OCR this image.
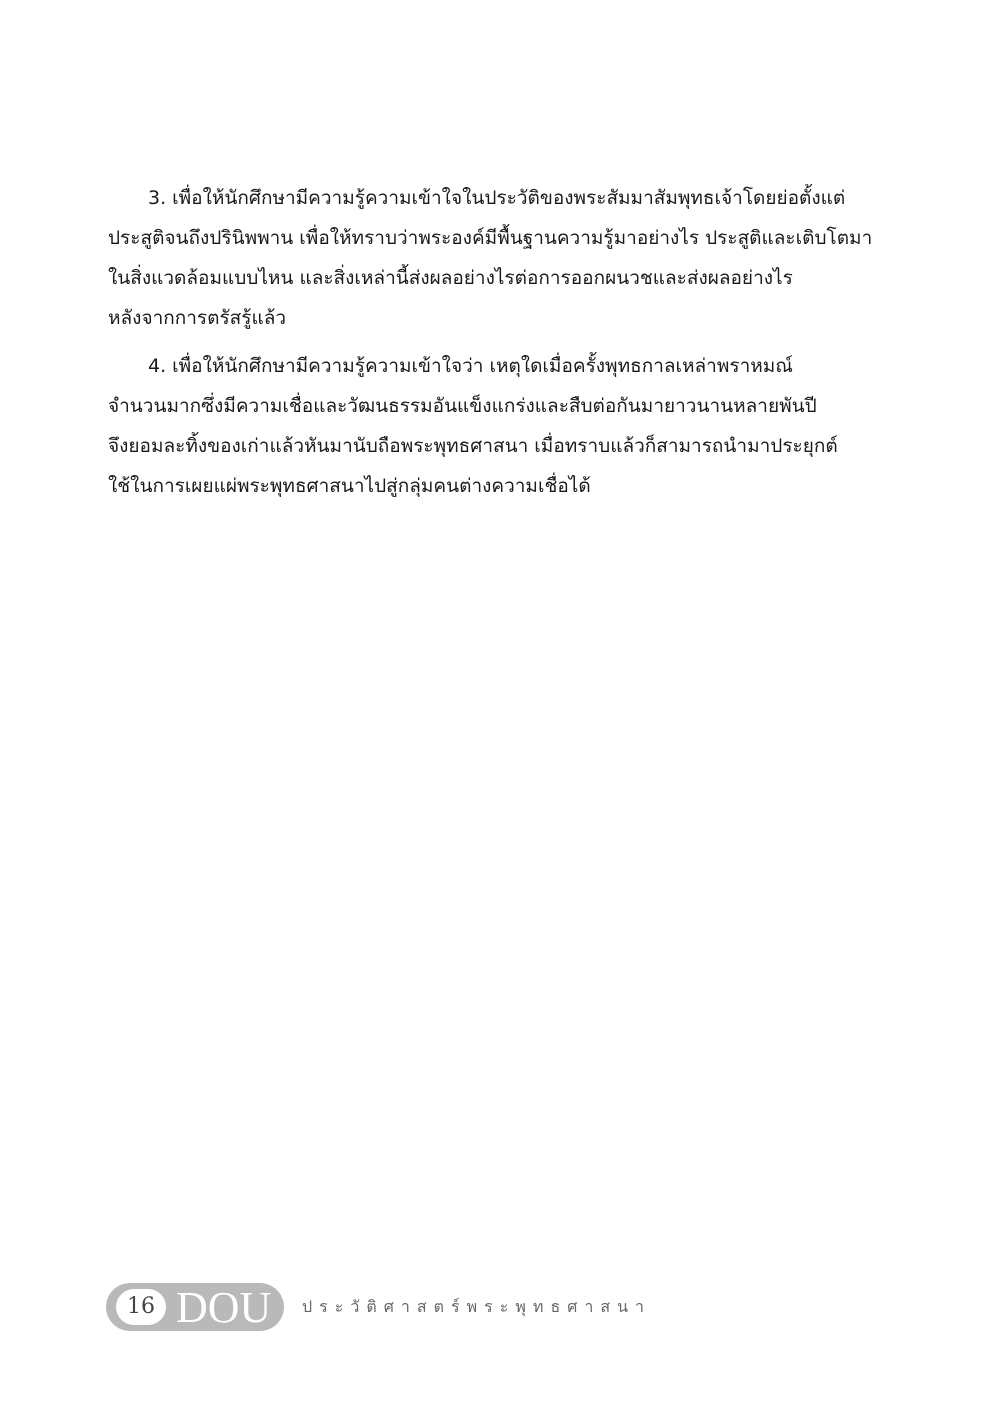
3. เพื่อให้นักศึกษามีความรู้ความเข้าใจในประวัติของพระสัมมาสัมพุทธเจ้าโดยย่อตั้งแต่
ประสูติจนถึงปรินิพพาน เพื่อให้ทราบว่าพระองค์มีพื้นฐานความรู้มาอย่างไร ประสูติและเติบโตมา
ในสิ่งแวดล้อมแบบไหน และสิ่งเหล่านี้ส่งผลอย่างไรต่อการออกผนวชและส่งผลอย่างไร
หลังจากการตรัสรู้แล้ว
4. เพื่อให้นักศึกษามีความรู้ความเข้าใจว่า เหตุใดเมื่อครั้งพุทธกาลเหล่าพราหมณ์
จำนวนมากซึ่งมีความเชื่อและวัฒนธรรมอันแข็งแกร่งและสืบต่อกันมายาวนานหลายพันปี
จึงยอมละทิ้งของเก่าแล้วหันมานับถือพระพุทธศาสนา เมื่อทราบแล้วก็สามารถนำมาประยุกต์
ใช้ในการเผยแผ่พระพุทธศาสนาไปสู่กลุ่มคนต่างความเชื่อได้
16 DOU ประวัติศาสตร์พระพุทธศาสนา
